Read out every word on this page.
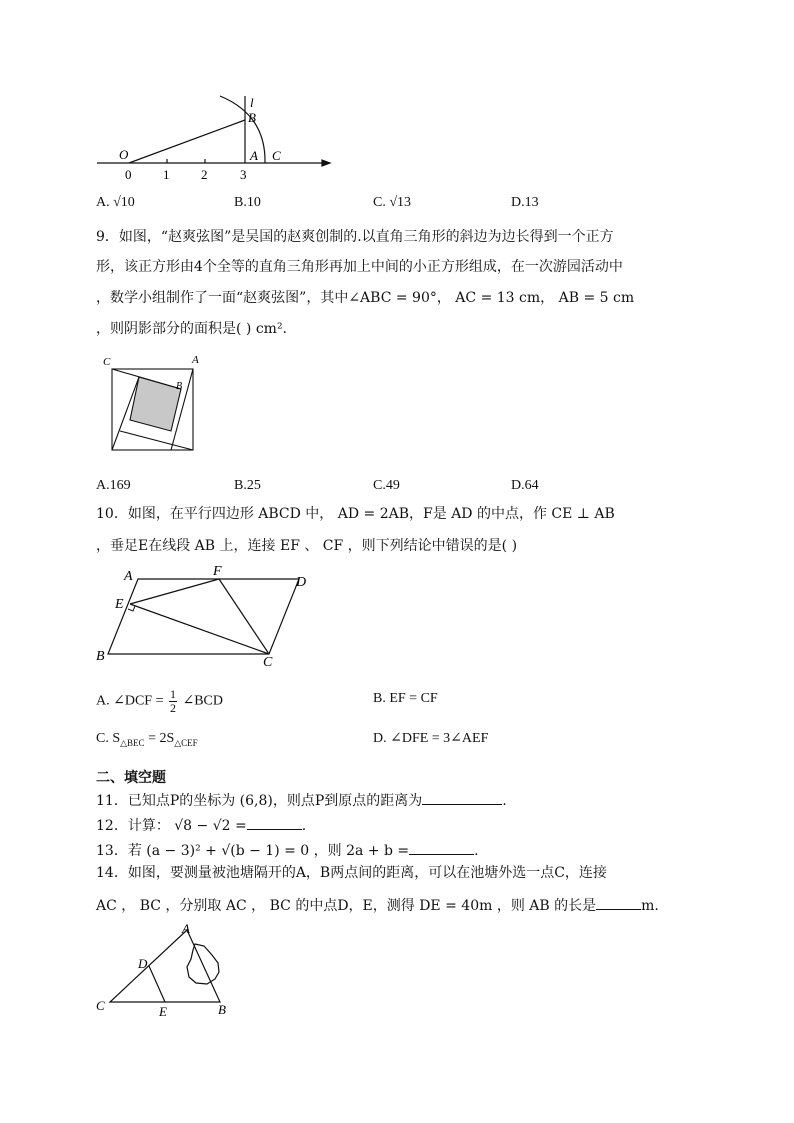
l
B
O	A C
0 1 2	3
A. √10	B.10	C. √13	D.13
9．如图，“赵爽弦图”是吴国的赵爽创制的.以直角三角形的斜边为边长得到一个正方
形，该正方形由4个全等的直角三角形再加上中间的小正方形组成，在一次游园活动中
，数学小组制作了一面“赵爽弦图”，其中∠ABC = 90°， AC = 13 cm， AB = 5 cm
，则阴影部分的面积是( ) cm².
C	A
B
A.169	B.25	C.49	D.64
10．如图，在平行四边形 ABCD 中， AD = 2AB，F是 AD 的中点，作 CE ⊥ AB
，垂足E在线段 AB 上，连接 EF 、 CF ，则下列结论中错误的是( )
A	F
D
E
B	C
A. ∠DCF = $\frac{1}{2}$ ∠BCD	B. EF = CF
C. $S_{\triangle BEC} = 2S_{\triangle CEF}$	D. ∠DFE = 3∠AEF
二、填空题
11．已知点P的坐标为 (6,8)，则点P到原点的距离为	.
12．计算： √8 − √2 =	.
13．若 (a − 3)² + √(b − 1) = 0 ，则 2a + b =	.
14．如图，要测量被池塘隔开的A，B两点间的距离，可以在池塘外选一点C，连接
AC ， BC ，分别取 AC ， BC 的中点D，E，测得 DE = 40m ，则 AB 的长是	m.
A
D
C	E	B
